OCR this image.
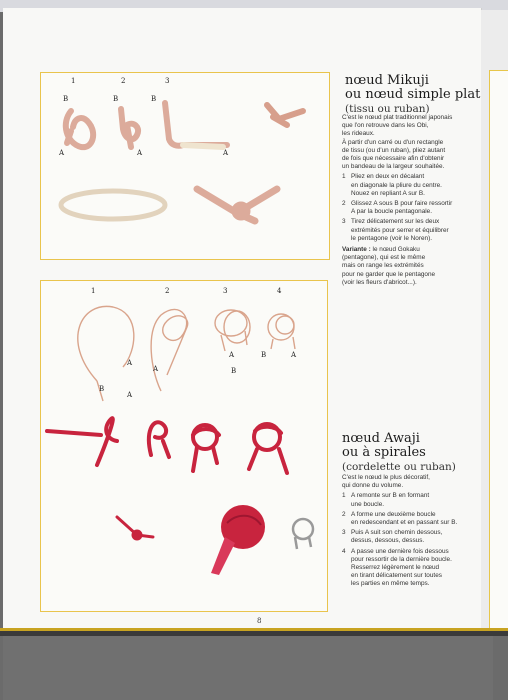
1	2	3
B	B	B
A	A	A
nœud Mikuji
ou nœud simple plat
(tissu ou ruban)
C'est le nœud plat traditionnel japonais
que l'on retrouve dans les Obi,
les rideaux.
À partir d'un carré ou d'un rectangle
de tissu (ou d'un ruban), pliez autant
de fois que nécessaire afin d'obtenir
un bandeau de la largeur souhaitée.
1 Pliez en deux en décalant
en diagonale la pliure du centre.
Nouez en repliant A sur B.
2 Glissez A sous B pour faire ressortir
A par la boucle pentagonale.
3 Tirez délicatement sur les deux
extrémités pour serrer et équilibrer
le pentagone (voir le Noren).
Variante : le nœud Gokaku
(pentagone), qui est le même
mais on range les extrémités
pour ne garder que le pentagone
(voir les fleurs d'abricot...).
1	2	3	4
A
B
A
A
A
B
B	A
nœud Awaji
ou à spirales
(cordelette ou ruban)
C'est le nœud le plus décoratif,
qui donne du volume.
1 A remonte sur B en formant
une boucle.
2 A forme une deuxième boucle
en redescendant et en passant sur B.
3 Puis A suit son chemin dessous,
dessus, dessous, dessus.
4 A passe une dernière fois dessous
pour ressortir de la dernière boucle.
Resserrez légèrement le nœud
en tirant délicatement sur toutes
les parties en même temps.
8
